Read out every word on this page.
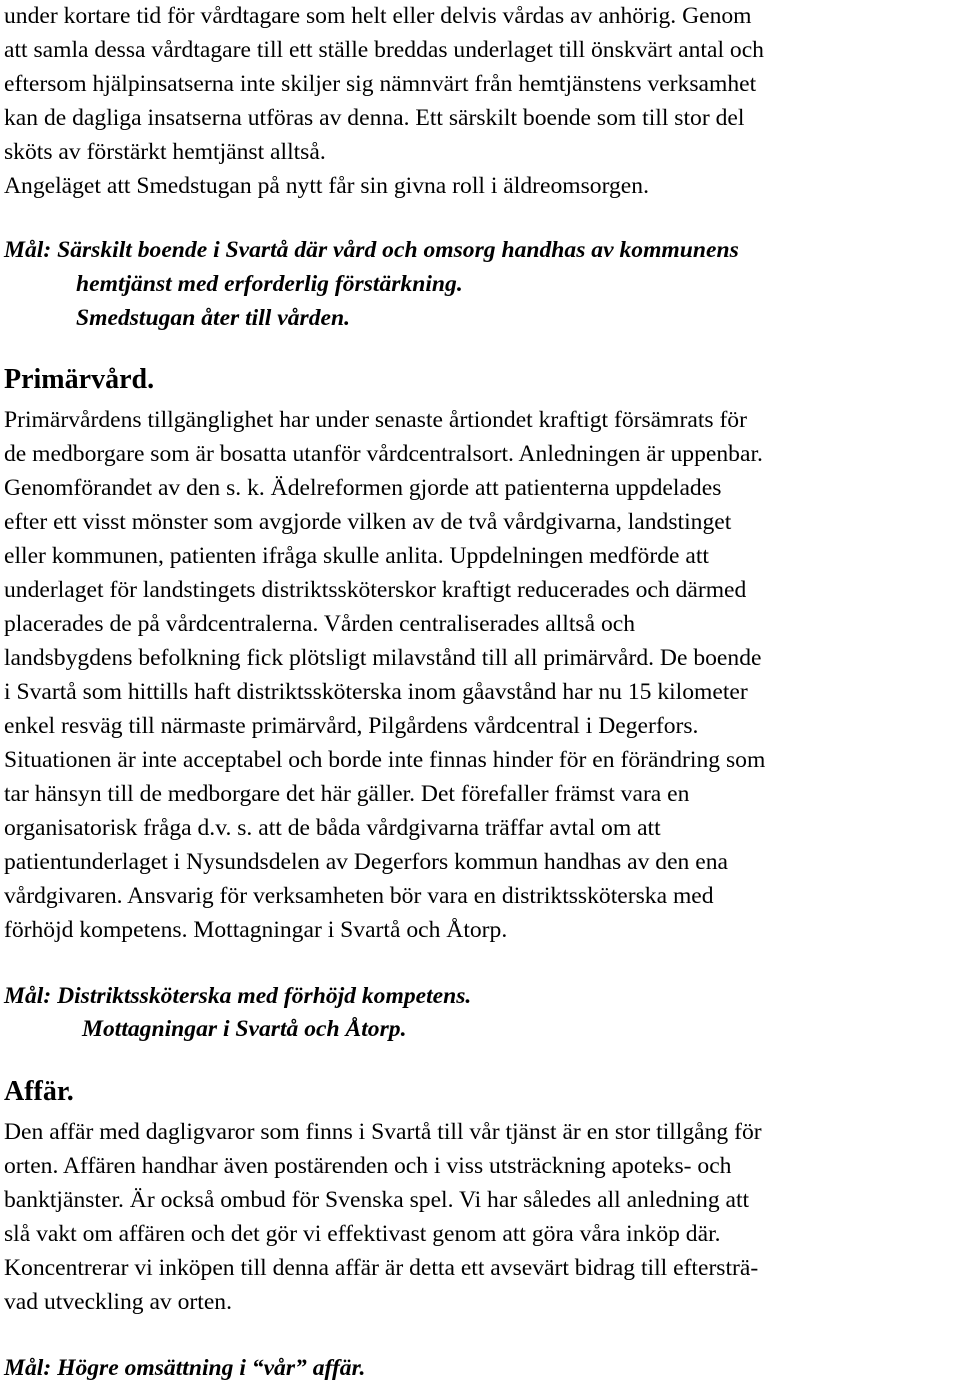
under kortare tid för vårdtagare som helt eller delvis vårdas av anhörig. Genom
att samla dessa vårdtagare till ett ställe breddas underlaget till önskvärt antal och
eftersom hjälpinsatserna inte skiljer sig nämnvärt från hemtjänstens verksamhet
kan de dagliga insatserna utföras av denna. Ett särskilt boende som till stor del
sköts av förstärkt hemtjänst alltså.
Angeläget att Smedstugan på nytt får sin givna roll i äldreomsorgen.
Mål: Särskilt boende i Svartå där vård och omsorg handhas av kommunens
hemtjänst med erforderlig förstärkning.
Smedstugan åter till vården.
Primärvård.
Primärvårdens tillgänglighet har under senaste årtiondet kraftigt försämrats för
de medborgare som är bosatta utanför vårdcentralsort. Anledningen är uppenbar.
Genomförandet av den s. k. Ädelreformen gjorde att patienterna uppdelades
efter ett visst mönster som avgjorde vilken av de två vårdgivarna, landstinget
eller kommunen, patienten ifråga skulle anlita. Uppdelningen medförde att
underlaget för landstingets distriktssköterskor kraftigt reducerades och därmed
placerades de på vårdcentralerna. Vården centraliserades alltså och
landsbygdens befolkning fick plötsligt milavstånd till all primärvård. De boende
i Svartå som hittills haft distriktssköterska inom gåavstånd har nu 15 kilometer
enkel resväg till närmaste primärvård, Pilgårdens vårdcentral i Degerfors.
Situationen är inte acceptabel och borde inte finnas hinder för en förändring som
tar hänsyn till de medborgare det här gäller. Det förefaller främst vara en
organisatorisk fråga d.v. s. att de båda vårdgivarna träffar avtal om att
patientunderlaget i Nysundsdelen av Degerfors kommun handhas av den ena
vårdgivaren. Ansvarig för verksamheten bör vara en distriktssköterska med
förhöjd kompetens. Mottagningar i Svartå och Åtorp.
Mål: Distriktssköterska med förhöjd kompetens.
Mottagningar i Svartå och Åtorp.
Affär.
Den affär med dagligvaror som finns i Svartå till vår tjänst är en stor tillgång för
orten. Affären handhar även postärenden och i viss utsträckning apoteks- och
banktjänster. Är också ombud för Svenska spel. Vi har således all anledning att
slå vakt om affären och det gör vi effektivast genom att göra våra inköp där.
Koncentrerar vi inköpen till denna affär är detta ett avsevärt bidrag till eftersträ-
vad utveckling av orten.
Mål: Högre omsättning i “vår” affär.
